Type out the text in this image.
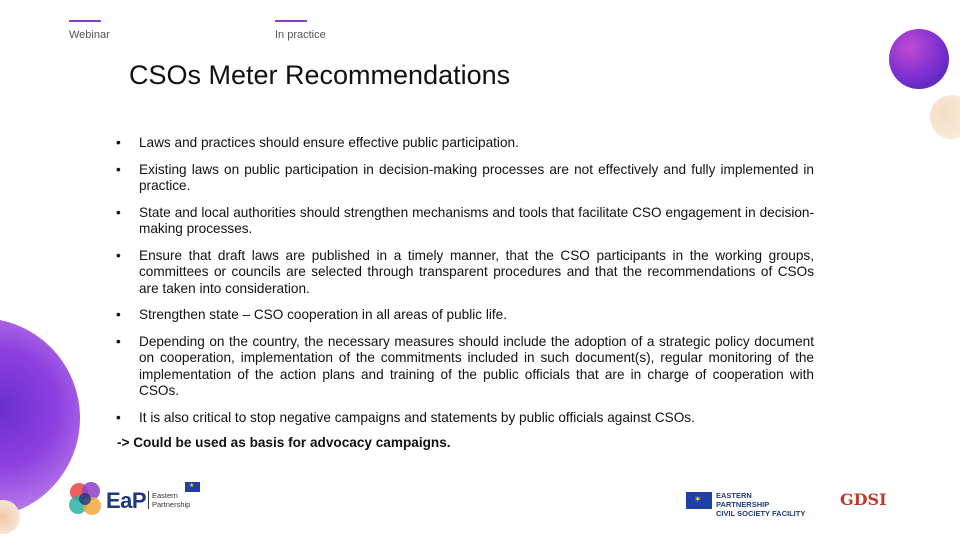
Webinar	In practice
CSOs Meter Recommendations
• Laws and practices should ensure effective public participation.
• Existing laws on public participation in decision-making processes are not effectively and fully implemented in practice.
• State and local authorities should strengthen mechanisms and tools that facilitate CSO engagement in decision-making processes.
• Ensure that draft laws are published in a timely manner, that the CSO participants in the working groups, committees or councils are selected through transparent procedures and that the recommendations of CSOs are taken into consideration.
• Strengthen state – CSO cooperation in all areas of public life.
• Depending on the country, the necessary measures should include the adoption of a strategic policy document on cooperation, implementation of the commitments included in such document(s), regular monitoring of the implementation of the action plans and training of the public officials that are in charge of cooperation with CSOs.
• It is also critical to stop negative campaigns and statements by public officials against CSOs.
-> Could be used as basis for advocacy campaigns.
EaP Eastern
Partnership
★
✶
EASTERN PARTNERSHIP
CIVIL SOCIETY FACILITY
GDSI
